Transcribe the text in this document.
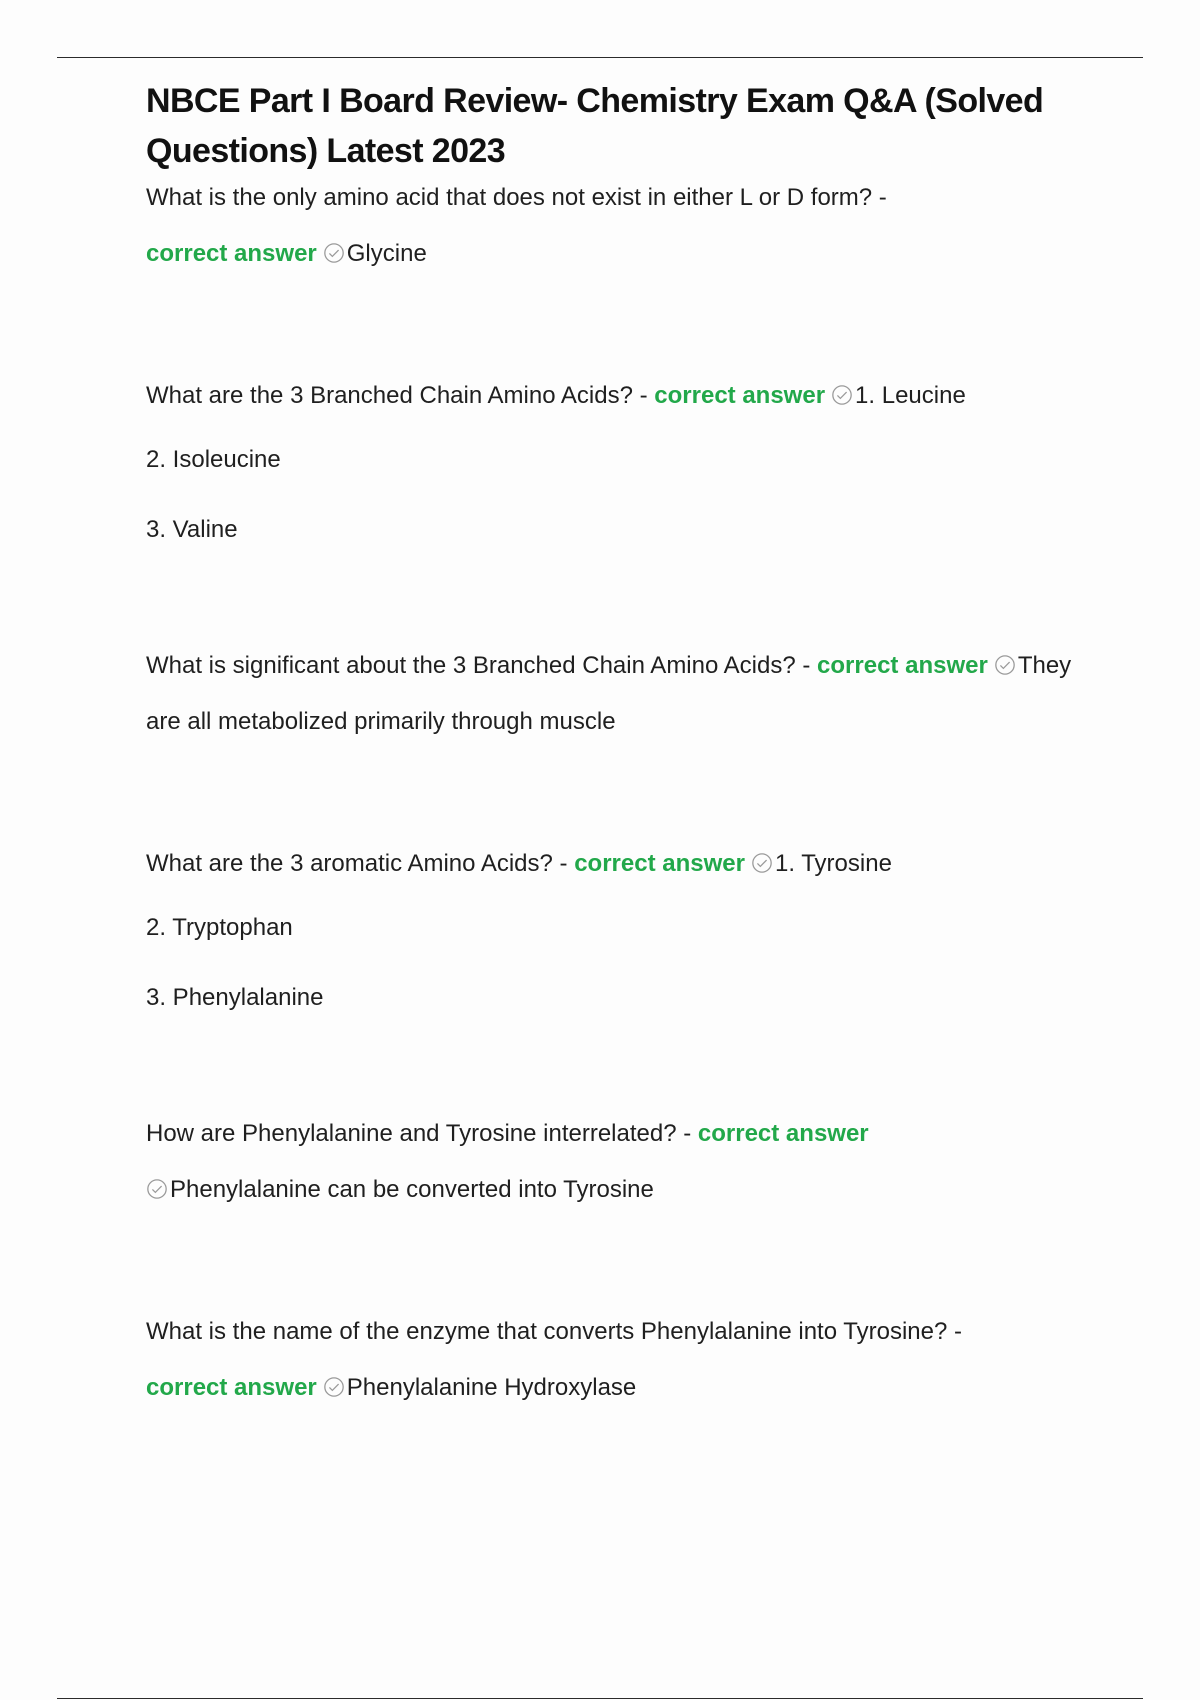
NBCE Part I Board Review- Chemistry Exam Q&A (Solved Questions) Latest 2023

What is the only amino acid that does not exist in either L or D form? -
correct answer Glycine

What are the 3 Branched Chain Amino Acids? - correct answer 1. Leucine

2. Isoleucine

3. Valine

What is significant about the 3 Branched Chain Amino Acids? - correct answer They are all metabolized primarily through muscle

What are the 3 aromatic Amino Acids? - correct answer 1. Tyrosine

2. Tryptophan

3. Phenylalanine

How are Phenylalanine and Tyrosine interrelated? - correct answer
Phenylalanine can be converted into Tyrosine

What is the name of the enzyme that converts Phenylalanine into Tyrosine? -
correct answer Phenylalanine Hydroxylase
